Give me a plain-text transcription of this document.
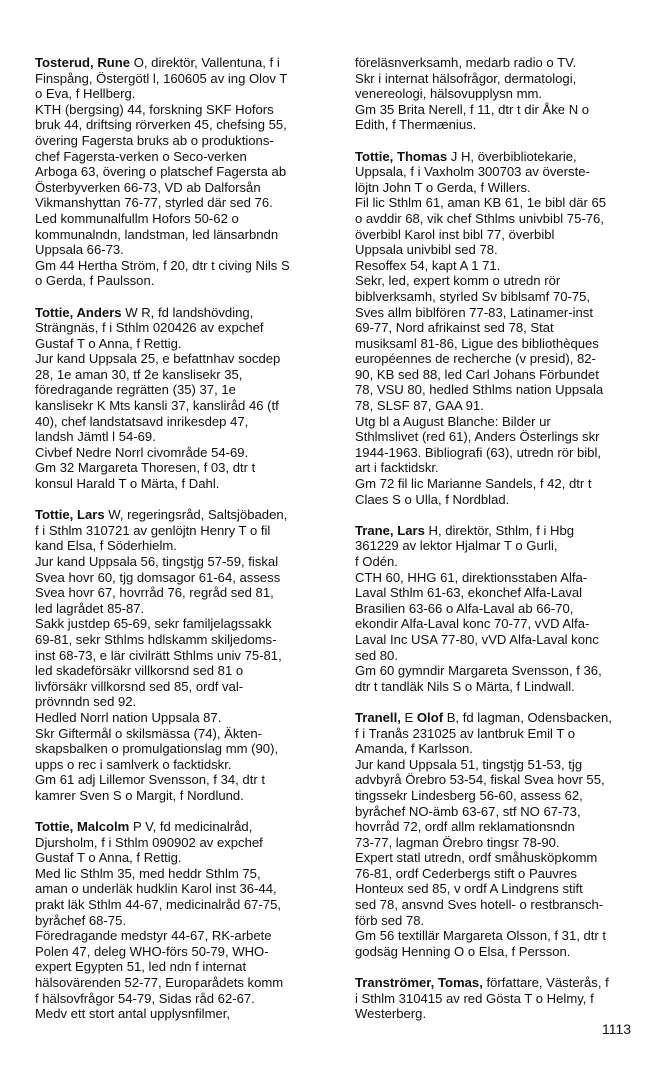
Tosterud, Rune O, direktör, Vallentuna, f i
Finspång, Östergötl l, 160605 av ing Olov T
o Eva, f Hellberg.
KTH (bergsing) 44, forskning SKF Hofors
bruk 44, driftsing rörverken 45, chefsing 55,
övering Fagersta bruks ab o produktions-
chef Fagersta-verken o Seco-verken
Arboga 63, övering o platschef Fagersta ab
Österbyverken 66-73, VD ab Dalforsån
Vikmanshyttan 76-77, styrled där sed 76.
Led kommunalfullm Hofors 50-62 o
kommunalndn, landstman, led länsarbndn
Uppsala 66-73.
Gm 44 Hertha Ström, f 20, dtr t civing Nils S
o Gerda, f Paulsson.
Tottie, Anders W R, fd landshövding,
Strängnäs, f i Sthlm 020426 av expchef
Gustaf T o Anna, f Rettig.
Jur kand Uppsala 25, e befattnhav socdep
28, 1e aman 30, tf 2e kanslisekr 35,
föredragande regrätten (35) 37, 1e
kanslisekr K Mts kansli 37, kansliråd 46 (tf
40), chef landstatsavd inrikesdep 47,
landsh Jämtl l 54-69.
Civbef Nedre Norrl civområde 54-69.
Gm 32 Margareta Thoresen, f 03, dtr t
konsul Harald T o Märta, f Dahl.
Tottie, Lars W, regeringsråd, Saltsjöbaden,
f i Sthlm 310721 av genlöjtn Henry T o fil
kand Elsa, f Söderhielm.
Jur kand Uppsala 56, tingstjg 57-59, fiskal
Svea hovr 60, tjg domsagor 61-64, assess
Svea hovr 67, hovrråd 76, regråd sed 81,
led lagrådet 85-87.
Sakk justdep 65-69, sekr familjelagssakk
69-81, sekr Sthlms hdlskamm skiljedoms-
inst 68-73, e lär civilrätt Sthlms univ 75-81,
led skadeförsäkr villkorsnd sed 81 o
livförsäkr villkorsnd sed 85, ordf val-
prövnndn sed 92.
Hedled Norrl nation Uppsala 87.
Skr Giftermål o skilsmässa (74), Äkten-
skapsbalken o promulgationslag mm (90),
upps o rec i samlverk o facktidskr.
Gm 61 adj Lillemor Svensson, f 34, dtr t
kamrer Sven S o Margit, f Nordlund.
Tottie, Malcolm P V, fd medicinalråd,
Djursholm, f i Sthlm 090902 av expchef
Gustaf T o Anna, f Rettig.
Med lic Sthlm 35, med heddr Sthlm 75,
aman o underläk hudklin Karol inst 36-44,
prakt läk Sthlm 44-67, medicinalråd 67-75,
byråchef 68-75.
Föredragande medstyr 44-67, RK-arbete
Polen 47, deleg WHO-förs 50-79, WHO-
expert Egypten 51, led ndn f internat
hälsovärenden 52-77, Europarådets komm
f hälsovfrågor 54-79, Sidas råd 62-67.
Medv ett stort antal upplysnfilmer,
föreläsnverksamh, medarb radio o TV.
Skr i internat hälsofrågor, dermatologi,
venereologi, hälsovupplysn mm.
Gm 35 Brita Nerell, f 11, dtr t dir Åke N o
Edith, f Thermænius.
Tottie, Thomas J H, överbibliotekarie,
Uppsala, f i Vaxholm 300703 av överste-
löjtn John T o Gerda, f Willers.
Fil lic Sthlm 61, aman KB 61, 1e bibl där 65
o avddir 68, vik chef Sthlms univbibl 75-76,
överbibl Karol inst bibl 77, överbibl
Uppsala univbibl sed 78.
Resoffex 54, kapt A 1 71.
Sekr, led, expert komm o utredn rör
biblverksamh, styrled Sv biblsamf 70-75,
Sves allm biblfören 77-83, Latinamer-inst
69-77, Nord afrikainst sed 78, Stat
musiksaml 81-86, Ligue des bibliothèques
européennes de recherche (v presid), 82-
90, KB sed 88, led Carl Johans Förbundet
78, VSU 80, hedled Sthlms nation Uppsala
78, SLSF 87, GAA 91.
Utg bl a August Blanche: Bilder ur
Sthlmslivet (red 61), Anders Österlings skr
1944-1963. Bibliografi (63), utredn rör bibl,
art i facktidskr.
Gm 72 fil lic Marianne Sandels, f 42, dtr t
Claes S o Ulla, f Nordblad.
Trane, Lars H, direktör, Sthlm, f i Hbg
361229 av lektor Hjalmar T o Gurli,
f Odén.
CTH 60, HHG 61, direktionsstaben Alfa-
Laval Sthlm 61-63, ekonchef Alfa-Laval
Brasilien 63-66 o Alfa-Laval ab 66-70,
ekondir Alfa-Laval konc 70-77, vVD Alfa-
Laval Inc USA 77-80, vVD Alfa-Laval konc
sed 80.
Gm 60 gymndir Margareta Svensson, f 36,
dtr t tandläk Nils S o Märta, f Lindwall.
Tranell, E Olof B, fd lagman, Odensbacken,
f i Tranås 231025 av lantbruk Emil T o
Amanda, f Karlsson.
Jur kand Uppsala 51, tingstjg 51-53, tjg
advbyrå Örebro 53-54, fiskal Svea hovr 55,
tingssekr Lindesberg 56-60, assess 62,
byråchef NO-ämb 63-67, stf NO 67-73,
hovrråd 72, ordf allm reklamationsndn
73-77, lagman Örebro tingsr 78-90.
Expert statl utredn, ordf småhusköpkomm
76-81, ordf Cederbergs stift o Pauvres
Honteux sed 85, v ordf A Lindgrens stift
sed 78, ansvnd Sves hotell- o restbransch-
förb sed 78.
Gm 56 textillär Margareta Olsson, f 31, dtr t
godsäg Henning O o Elsa, f Persson.
Tranströmer, Tomas, författare, Västerås, f
i Sthlm 310415 av red Gösta T o Helmy, f
Westerberg.
1113
